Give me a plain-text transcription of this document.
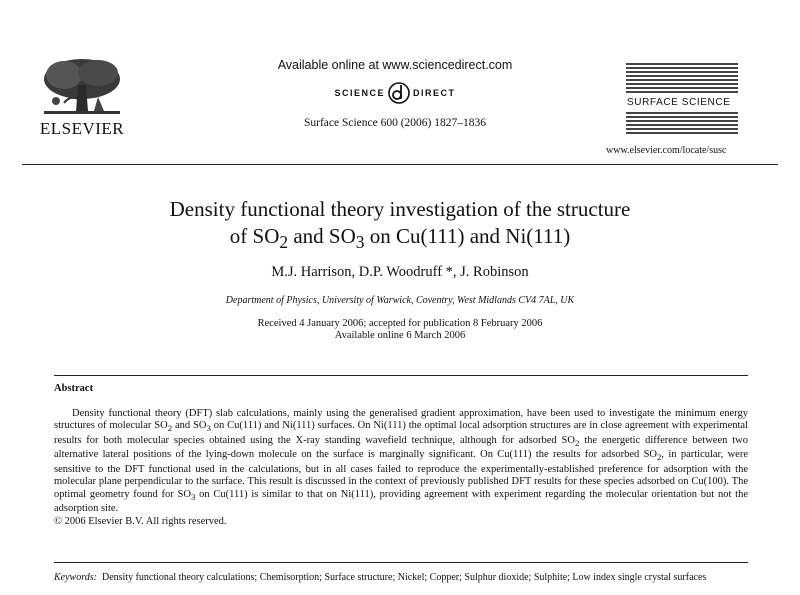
ELSEVIER
Available online at www.sciencedirect.com
SCIENCE	DIRECT
Surface Science 600 (2006) 1827–1836
SURFACE SCIENCE
www.elsevier.com/locate/susc
Density functional theory investigation of the structure
of $SO_2$ and $SO_3$ on Cu(111) and Ni(111)
M.J. Harrison, D.P. Woodruff *, J. Robinson
Department of Physics, University of Warwick, Coventry, West Midlands CV4 7AL, UK
Received 4 January 2006; accepted for publication 8 February 2006
Available online 6 March 2006
Abstract

Density functional theory (DFT) slab calculations, mainly using the generalised gradient approximation, have been used to investigate the minimum energy structures of molecular $SO_2$ and $SO_3$ on Cu(111) and Ni(111) surfaces. On Ni(111) the optimal local adsorption structures are in close agreement with experimental results for both molecular species obtained using the X-ray standing wavefield technique, although for adsorbed $SO_2$ the energetic difference between two alternative lateral positions of the lying-down molecule on the surface is marginally significant. On Cu(111) the results for adsorbed $SO_2$, in particular, were sensitive to the DFT functional used in the calculations, but in all cases failed to reproduce the experimentally-established preference for adsorption with the molecular plane perpendicular to the surface. This result is discussed in the context of previously published DFT results for these species adsorbed on Cu(100). The optimal geometry found for $SO_3$ on Cu(111) is similar to that on Ni(111), providing agreement with experiment regarding the molecular orientation but not the adsorption site.

© 2006 Elsevier B.V. All rights reserved.
Keywords: Density functional theory calculations; Chemisorption; Surface structure; Nickel; Copper; Sulphur dioxide; Sulphite; Low index single crystal surfaces
